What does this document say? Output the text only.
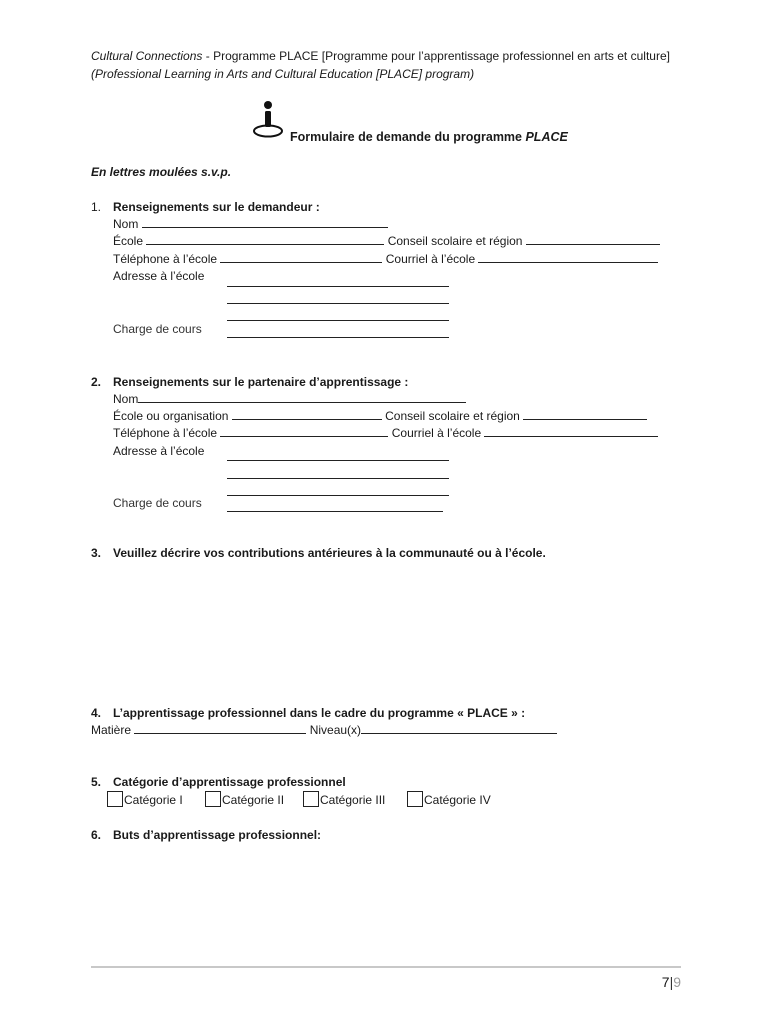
Cultural Connections - Programme PLACE [Programme pour l’apprentissage professionnel en arts et culture] (Professional Learning in Arts and Cultural Education [PLACE] program)
Formulaire de demande du programme PLACE
En lettres moulées s.v.p.
1. Renseignements sur le demandeur :
Nom
École	Conseil scolaire et région
Téléphone à l’école	Courriel à l’école
Adresse à l’école
Charge de cours
2. Renseignements sur le partenaire d’apprentissage :
Nom
École ou organisation	Conseil scolaire et région
Téléphone à l’école	Courriel à l’école
Adresse à l’école
Charge de cours
3. Veuillez décrire vos contributions antérieures à la communauté ou à l’école.
4. L’apprentissage professionnel dans le cadre du programme « PLACE » :
Matière	Niveau(x)
5. Catégorie d’apprentissage professionnel
Catégorie I	Catégorie II	Catégorie III	Catégorie IV
6. Buts d’apprentissage professionnel:
7|9
